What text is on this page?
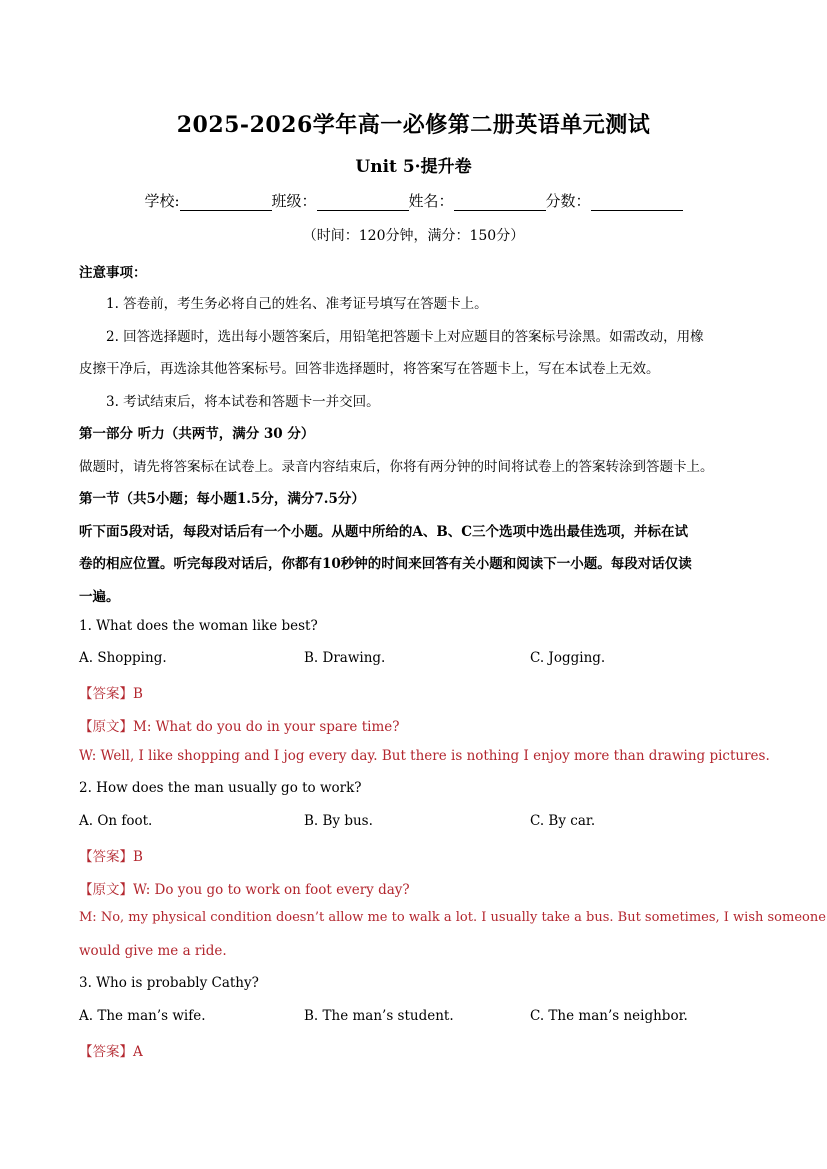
2025-2026学年高一必修第二册英语单元测试
Unit 5·提升卷
学校:	班级：	姓名：	分数：
（时间：120分钟，满分：150分）
注意事项：
1. 答卷前，考生务必将自己的姓名、准考证号填写在答题卡上。
2. 回答选择题时，选出每小题答案后，用铅笔把答题卡上对应题目的答案标号涂黑。如需改动，用橡
皮擦干净后，再选涂其他答案标号。回答非选择题时，将答案写在答题卡上，写在本试卷上无效。
3. 考试结束后，将本试卷和答题卡一并交回。
第一部分 听力（共两节，满分 30 分）
做题时，请先将答案标在试卷上。录音内容结束后，你将有两分钟的时间将试卷上的答案转涂到答题卡上。
第一节（共5小题；每小题1.5分，满分7.5分）
听下面5段对话，每段对话后有一个小题。从题中所给的A、B、C三个选项中选出最佳选项，并标在试
卷的相应位置。听完每段对话后，你都有10秒钟的时间来回答有关小题和阅读下一小题。每段对话仅读
一遍。
1. What does the woman like best?
A. Shopping.	B. Drawing.	C. Jogging.
【答案】B
【原文】M: What do you do in your spare time?
W: Well, I like shopping and I jog every day. But there is nothing I enjoy more than drawing pictures.
2. How does the man usually go to work?
A. On foot.	B. By bus.	C. By car.
【答案】B
【原文】W: Do you go to work on foot every day?
M: No, my physical condition doesn’t allow me to walk a lot. I usually take a bus. But sometimes, I wish someone
would give me a ride.
3. Who is probably Cathy?
A. The man’s wife.	B. The man’s student.	C. The man’s neighbor.
【答案】A
